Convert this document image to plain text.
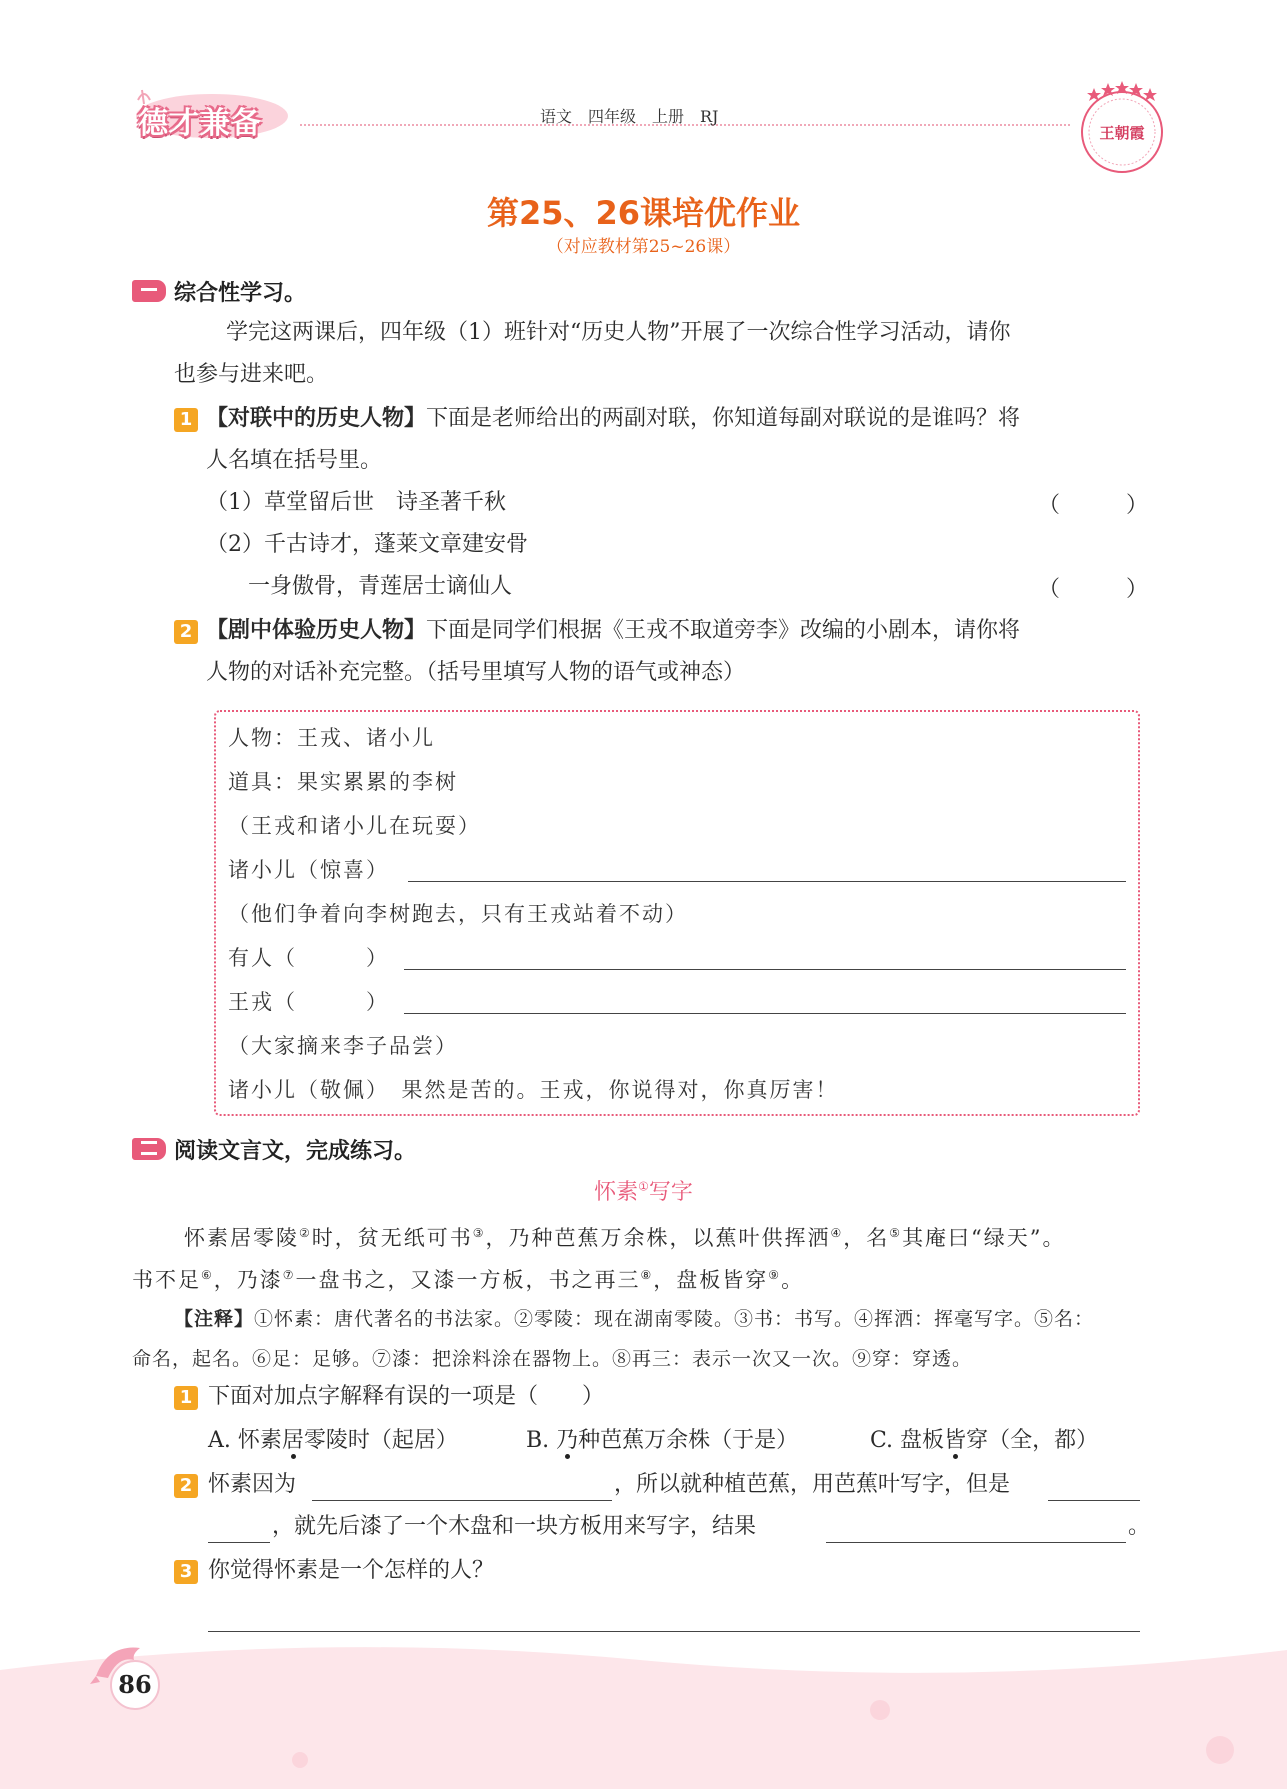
德才兼备	语文　四年级　上册　RJ
王朝霞
第25、26课培优作业
（对应教材第25~26课）
综合性学习。
学完这两课后，四年级（1）班针对“历史人物”开展了一次综合性学习活动，请你
也参与进来吧。
1 【对联中的历史人物】下面是老师给出的两副对联，你知道每副对联说的是谁吗？将
人名填在括号里。
（1）草堂留后世　诗圣著千秋	（	）
（2）千古诗才，蓬莱文章建安骨
一身傲骨，青莲居士谪仙人	（	）
2 【剧中体验历史人物】下面是同学们根据《王戎不取道旁李》改编的小剧本，请你将
人物的对话补充完整。（括号里填写人物的语气或神态）
人物：王戎、诸小儿
道具：果实累累的李树
（王戎和诸小儿在玩耍）
诸小儿（惊喜）
（他们争着向李树跑去，只有王戎站着不动）
有人（	）
王戎（	）
（大家摘来李子品尝）
诸小儿（敬佩）　果然是苦的。王戎，你说得对，你真厉害！
阅读文言文，完成练习。
怀素①写字
怀素居零陵②时，贫无纸可书③，乃种芭蕉万余株，以蕉叶供挥洒④，名⑤其庵曰“绿天”。
书不足⑥，乃漆⑦一盘书之，又漆一方板，书之再三⑧，盘板皆穿⑨。
【注释】①怀素：唐代著名的书法家。②零陵：现在湖南零陵。③书：书写。④挥洒：挥毫写字。⑤名：
命名，起名。⑥足：足够。⑦漆：把涂料涂在器物上。⑧再三：表示一次又一次。⑨穿：穿透。
1 下面对加点字解释有误的一项是（　　）
A. 怀素居零陵时（起居）	B. 乃种芭蕉万余株（于是）	C. 盘板皆穿（全，都）
2 怀素因为	，所以就种植芭蕉，用芭蕉叶写字，但是
，就先后漆了一个木盘和一块方板用来写字，结果	。
3 你觉得怀素是一个怎样的人？
86
